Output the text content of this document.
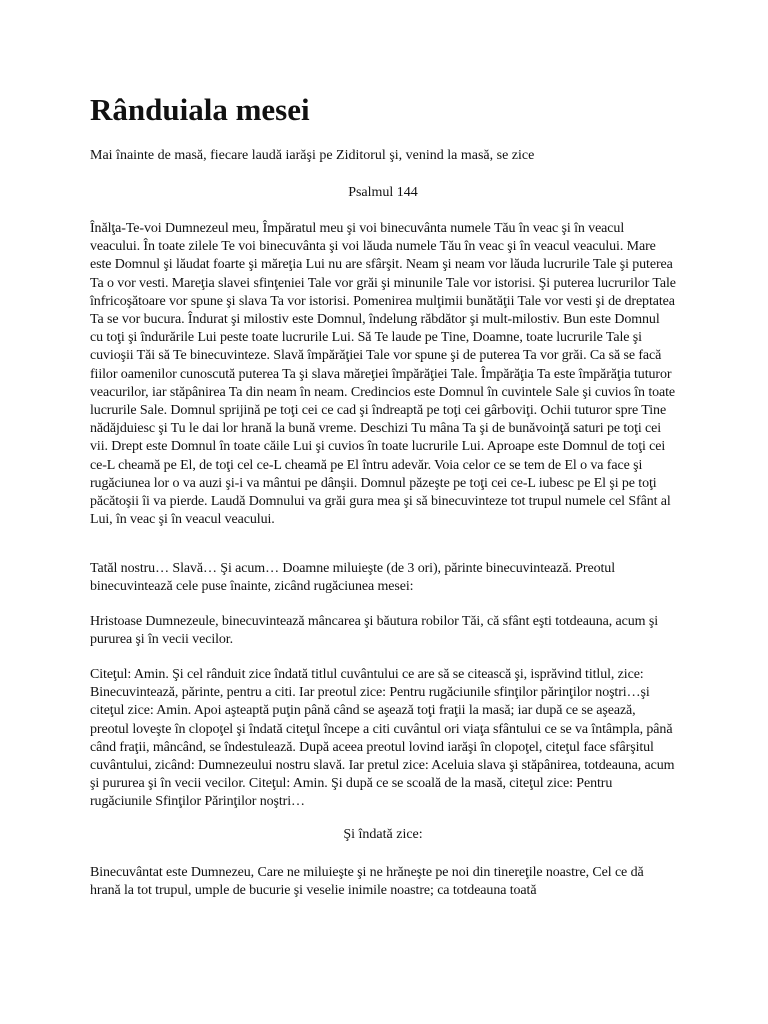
Rânduiala mesei

Mai înainte de masă, fiecare laudă iarăşi pe Ziditorul şi, venind la masă, se zice

Psalmul 144

Înălţa-Te-voi Dumnezeul meu, Împăratul meu şi voi binecuvânta numele Tău în veac şi în veacul veacului. În toate zilele Te voi binecuvânta şi voi lăuda numele Tău în veac şi în veacul veacului. Mare este Domnul şi lăudat foarte şi măreţia Lui nu are sfârşit. Neam şi neam vor lăuda lucrurile Tale şi puterea Ta o vor vesti. Mareţia slavei sfinţeniei Tale vor grăi şi minunile Tale vor istorisi. Şi puterea lucrurilor Tale înfricoşătoare vor spune şi slava Ta vor istorisi. Pomenirea mulţimii bunătăţii Tale vor vesti şi de dreptatea Ta se vor bucura. Îndurat şi milostiv este Domnul, îndelung răbdător şi mult-milostiv. Bun este Domnul cu toţi şi îndurările Lui peste toate lucrurile Lui. Să Te laude pe Tine, Doamne, toate lucrurile Tale şi cuvioşii Tăi să Te binecuvinteze. Slavă împărăţiei Tale vor spune şi de puterea Ta vor grăi. Ca să se facă fiilor oamenilor cunoscută puterea Ta şi slava măreţiei împărăţiei Tale. Împărăţia Ta este împărăţia tuturor veacurilor, iar stăpânirea Ta din neam în neam. Credincios este Domnul în cuvintele Sale şi cuvios în toate lucrurile Sale. Domnul sprijină pe toţi cei ce cad şi îndreaptă pe toţi cei gârboviţi. Ochii tuturor spre Tine nădăjduiesc şi Tu le dai lor hrană la bună vreme. Deschizi Tu mâna Ta şi de bunăvoinţă saturi pe toţi cei vii. Drept este Domnul în toate căile Lui şi cuvios în toate lucrurile Lui. Aproape este Domnul de toţi cei ce-L cheamă pe El, de toţi cel ce-L cheamă pe El întru adevăr. Voia celor ce se tem de El o va face şi rugăciunea lor o va auzi şi-i va mântui pe dânşii. Domnul păzeşte pe toţi cei ce-L iubesc pe El şi pe toţi păcătoşii îi va pierde. Laudă Domnului va grăi gura mea şi să binecuvinteze tot trupul numele cel Sfânt al Lui, în veac şi în veacul veacului.

Tatăl nostru… Slavă… Şi acum… Doamne miluieşte (de 3 ori), părinte binecuvintează. Preotul binecuvintează cele puse înainte, zicând rugăciunea mesei:

Hristoase Dumnezeule, binecuvintează mâncarea şi băutura robilor Tăi, că sfânt eşti totdeauna, acum şi pururea şi în vecii vecilor.

Citeţul: Amin. Şi cel rânduit zice îndată titlul cuvântului ce are să se citească şi, isprăvind titlul, zice: Binecuvintează, părinte, pentru a citi. Iar preotul zice: Pentru rugăciunile sfinţilor părinţilor noştri…şi citeţul zice: Amin. Apoi aşteaptă puţin până când se aşează toţi fraţii la masă; iar după ce se aşează, preotul loveşte în clopoţel şi îndată citeţul începe a citi cuvântul ori viaţa sfântului ce se va întâmpla, până când fraţii, mâncând, se îndestulează. După aceea preotul lovind iarăşi în clopoţel, citeţul face sfârşitul cuvântului, zicând: Dumnezeului nostru slavă. Iar pretul zice: Aceluia slava şi stăpânirea, totdeauna, acum şi pururea şi în vecii vecilor. Citeţul: Amin. Şi după ce se scoală de la masă, citeţul zice: Pentru rugăciunile Sfinţilor Părinţilor noştri…

Şi îndată zice:

Binecuvântat este Dumnezeu, Care ne miluieşte şi ne hrăneşte pe noi din tinereţile noastre, Cel ce dă hrană la tot trupul, umple de bucurie şi veselie inimile noastre; ca totdeauna toată
